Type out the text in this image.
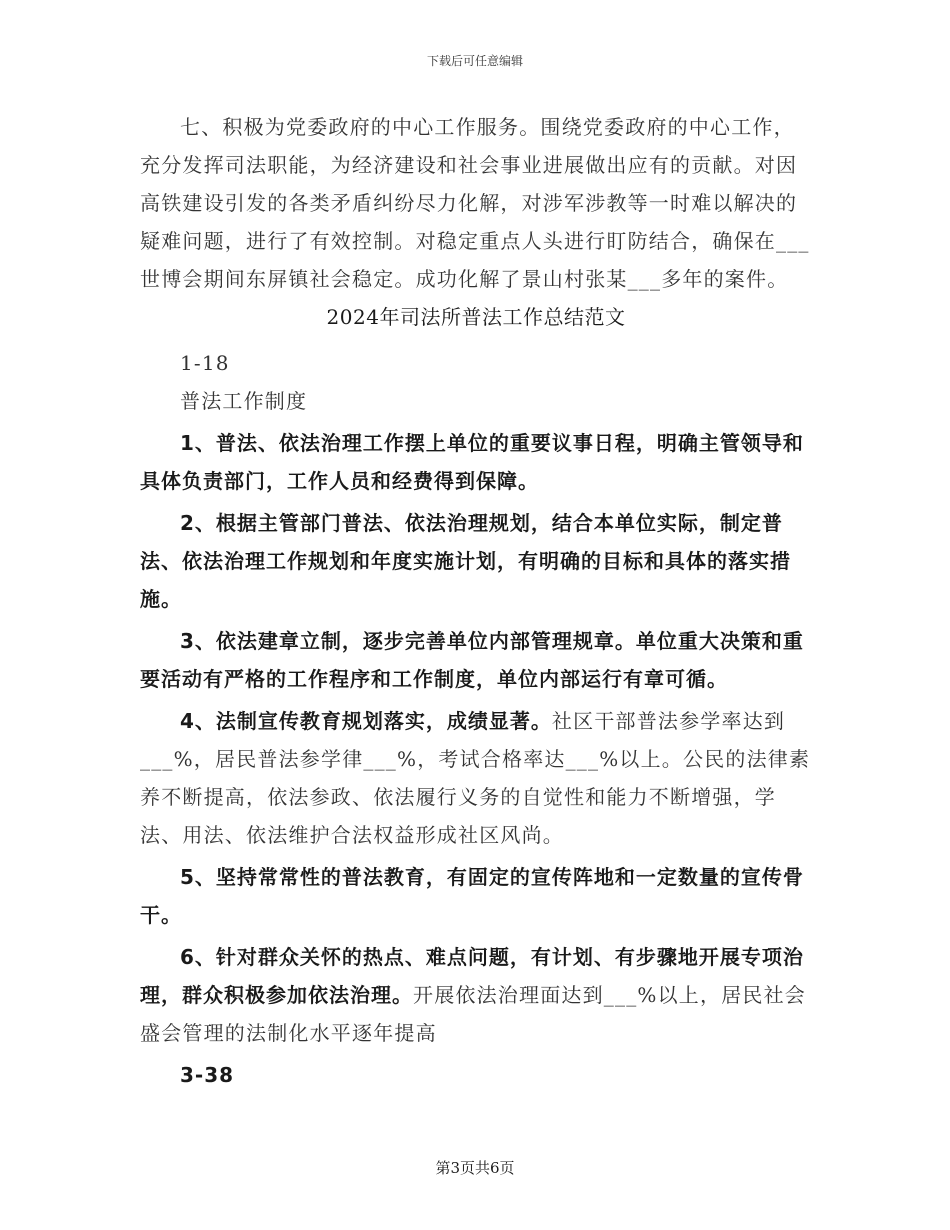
下载后可任意编辑

七、积极为党委政府的中心工作服务。围绕党委政府的中心工作，充分发挥司法职能，为经济建设和社会事业进展做出应有的贡献。对因高铁建设引发的各类矛盾纠纷尽力化解，对涉军涉教等一时难以解决的疑难问题，进行了有效控制。对稳定重点人头进行盯防结合，确保在___世博会期间东屏镇社会稳定。成功化解了景山村张某___多年的案件。

2024年司法所普法工作总结范文

1-18

普法工作制度

1、普法、依法治理工作摆上单位的重要议事日程，明确主管领导和具体负责部门，工作人员和经费得到保障。

2、根据主管部门普法、依法治理规划，结合本单位实际，制定普法、依法治理工作规划和年度实施计划，有明确的目标和具体的落实措施。

3、依法建章立制，逐步完善单位内部管理规章。单位重大决策和重要活动有严格的工作程序和工作制度，单位内部运行有章可循。

4、法制宣传教育规划落实，成绩显著。社区干部普法参学率达到___%，居民普法参学律___%，考试合格率达___%以上。公民的法律素养不断提高，依法参政、依法履行义务的自觉性和能力不断增强，学法、用法、依法维护合法权益形成社区风尚。

5、坚持常常性的普法教育，有固定的宣传阵地和一定数量的宣传骨干。

6、针对群众关怀的热点、难点问题，有计划、有步骤地开展专项治理，群众积极参加依法治理。开展依法治理面达到___%以上，居民社会盛会管理的法制化水平逐年提高

3-38

第3页共6页
